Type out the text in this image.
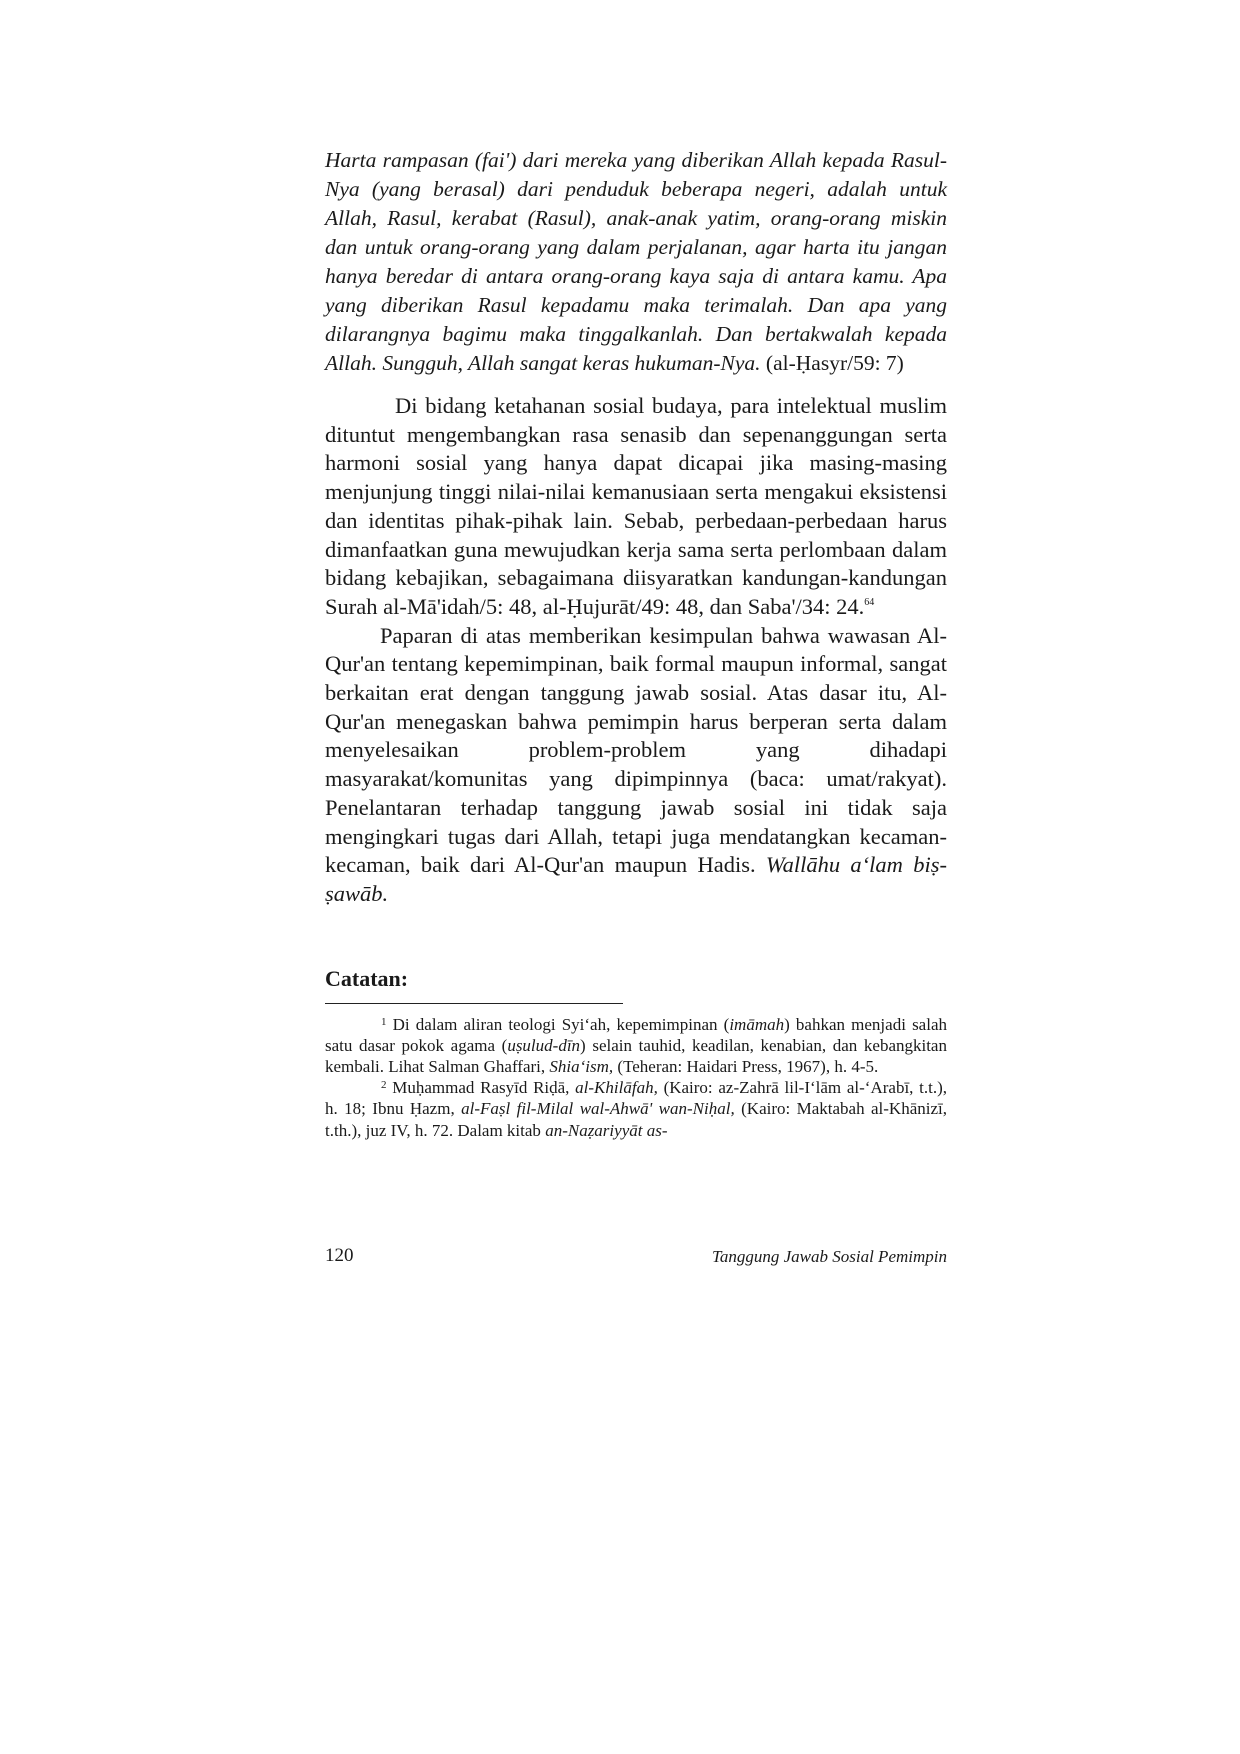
Harta rampasan (fai') dari mereka yang diberikan Allah kepada Rasul-Nya (yang berasal) dari penduduk beberapa negeri, adalah untuk Allah, Rasul, kerabat (Rasul), anak-anak yatim, orang-orang miskin dan untuk orang-orang yang dalam perjalanan, agar harta itu jangan hanya beredar di antara orang-orang kaya saja di antara kamu. Apa yang diberikan Rasul kepadamu maka terimalah. Dan apa yang dilarangnya bagimu maka tinggalkanlah. Dan bertakwalah kepada Allah. Sungguh, Allah sangat keras hukuman-Nya. (al-Ḥasyr/59: 7)

Di bidang ketahanan sosial budaya, para intelektual muslim dituntut mengembangkan rasa senasib dan sepenanggungan serta harmoni sosial yang hanya dapat dicapai jika masing-masing menjunjung tinggi nilai-nilai kemanusiaan serta mengakui eksistensi dan identitas pihak-pihak lain. Sebab, perbedaan-perbedaan harus dimanfaatkan guna mewujudkan kerja sama serta perlombaan dalam bidang kebajikan, sebagaimana diisyaratkan kandungan-kandungan Surah al-Mā'idah/5: 48, al-Ḥujurāt/49: 48, dan Saba'/34: 24.64

Paparan di atas memberikan kesimpulan bahwa wawasan Al-Qur'an tentang kepemimpinan, baik formal maupun informal, sangat berkaitan erat dengan tanggung jawab sosial. Atas dasar itu, Al-Qur'an menegaskan bahwa pemimpin harus berperan serta dalam menyelesaikan problem-problem yang dihadapi masyarakat/komunitas yang dipimpinnya (baca: umat/rakyat). Penelantaran terhadap tanggung jawab sosial ini tidak saja mengingkari tugas dari Allah, tetapi juga mendatangkan kecaman-kecaman, baik dari Al-Qur'an maupun Hadis. Wallāhu a‘lam biṣ-ṣawāb.

Catatan:

$^1$ Di dalam aliran teologi Syi‘ah, kepemimpinan (imāmah) bahkan menjadi salah satu dasar pokok agama (uṣulud-dīn) selain tauhid, keadilan, kenabian, dan kebangkitan kembali. Lihat Salman Ghaffari, Shia‘ism, (Teheran: Haidari Press, 1967), h. 4-5.

$^2$ Muḥammad Rasyīd Riḍā, al-Khilāfah, (Kairo: az-Zahrā lil-I‘lām al-‘Arabī, t.t.), h. 18; Ibnu Ḥazm, al-Faṣl fil-Milal wal-Ahwā' wan-Niḥal, (Kairo: Maktabah al-Khānizī, t.th.), juz IV, h. 72. Dalam kitab an-Naẓariyyāt as-

120	Tanggung Jawab Sosial Pemimpin
